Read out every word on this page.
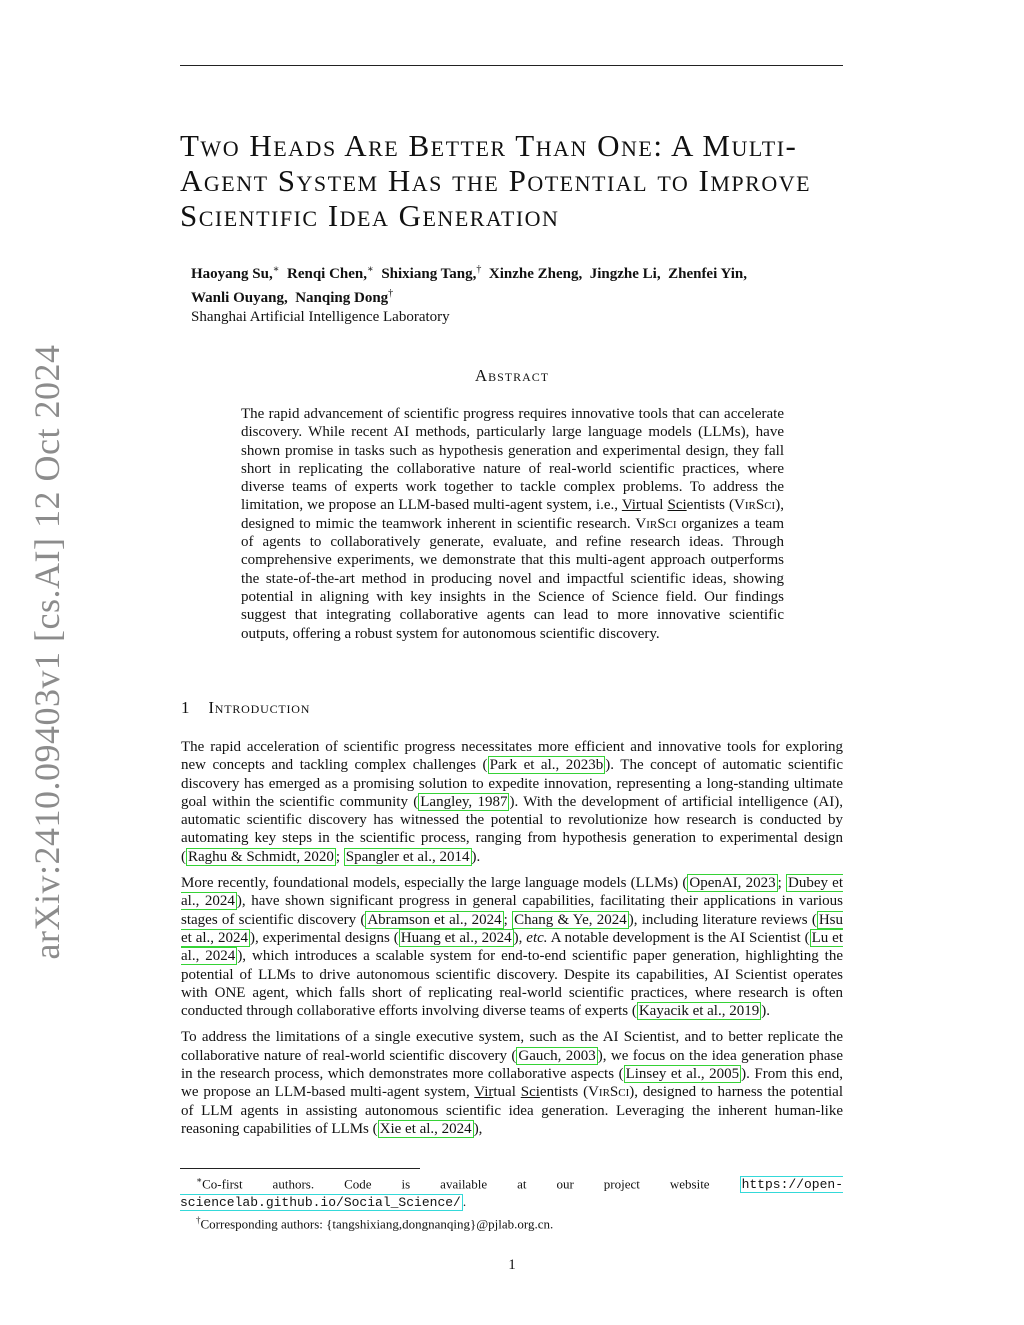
arXiv:2410.09403v1 [cs.AI] 12 Oct 2024
Two Heads Are Better Than One: A Multi-
Agent System Has the Potential to Improve
Scientific Idea Generation
Haoyang Su,∗ Renqi Chen,∗ Shixiang Tang,† Xinzhe Zheng, Jingzhe Li, Zhenfei Yin,
Wanli Ouyang, Nanqing Dong†
Shanghai Artificial Intelligence Laboratory
Abstract

The rapid advancement of scientific progress requires innovative tools that can accelerate discovery. While recent AI methods, particularly large language models (LLMs), have shown promise in tasks such as hypothesis generation and experimental design, they fall short in replicating the collaborative nature of real-world scientific practices, where diverse teams of experts work together to tackle complex problems. To address the limitation, we propose an LLM-based multi-agent system, i.e., Virtual Scientists (VirSci), designed to mimic the teamwork inherent in scientific research. VirSci organizes a team of agents to collaboratively generate, evaluate, and refine research ideas. Through comprehensive experiments, we demonstrate that this multi-agent approach outperforms the state-of-the-art method in producing novel and impactful scientific ideas, showing potential in aligning with key insights in the Science of Science field. Our findings suggest that integrating collaborative agents can lead to more innovative scientific outputs, offering a robust system for autonomous scientific discovery.

1 Introduction

The rapid acceleration of scientific progress necessitates more efficient and innovative tools for exploring new concepts and tackling complex challenges ( Park et al., 2023b ). The concept of automatic scientific discovery has emerged as a promising solution to expedite innovation, representing a long-standing ultimate goal within the scientific community ( Langley, 1987 ). With the development of artificial intelligence (AI), automatic scientific discovery has witnessed the potential to revolutionize how research is conducted by automating key steps in the scientific process, ranging from hypothesis generation to experimental design ( Raghu & Schmidt, 2020 ; Spangler et al., 2014 ).

More recently, foundational models, especially the large language models (LLMs) ( OpenAI, 2023 ; Dubey et al., 2024 ), have shown significant progress in general capabilities, facilitating their applications in various stages of scientific discovery ( Abramson et al., 2024 ; Chang & Ye, 2024 ), including literature reviews ( Hsu et al., 2024 ), experimental designs ( Huang et al., 2024 ), etc. A notable development is the AI Scientist ( Lu et al., 2024 ), which introduces a scalable system for end-to-end scientific paper generation, highlighting the potential of LLMs to drive autonomous scientific discovery. Despite its capabilities, AI Scientist operates with ONE agent, which falls short of replicating real-world scientific practices, where research is often conducted through collaborative efforts involving diverse teams of experts ( Kayacik et al., 2019 ).

To address the limitations of a single executive system, such as the AI Scientist, and to better replicate the collaborative nature of real-world scientific discovery ( Gauch, 2003 ), we focus on the idea generation phase in the research process, which demonstrates more collaborative aspects ( Linsey et al., 2005 ). From this end, we propose an LLM-based multi-agent system, Virtual Scientists (VirSci), designed to harness the potential of LLM agents in assisting autonomous scientific idea generation. Leveraging the inherent human-like reasoning capabilities of LLMs ( Xie et al., 2024 ),

∗Co-first authors. Code is available at our project website https://open-sciencelab.github.io/Social_Science/ .
†Corresponding authors: {tangshixiang,dongnanqing}@pjlab.org.cn.
1
